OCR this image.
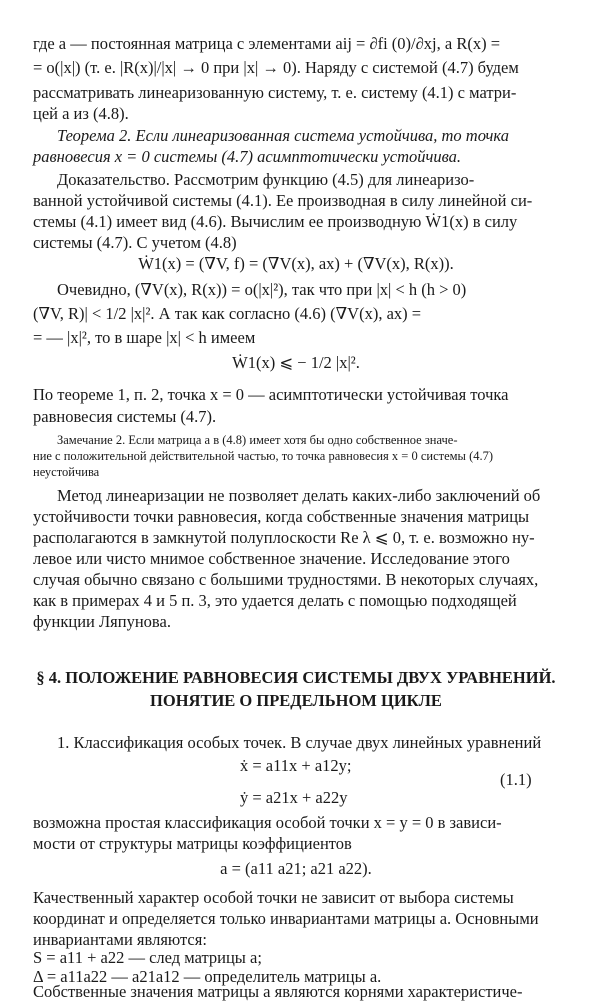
где a — постоянная матрица с элементами aij = ∂fi (0)/∂xj, a R(x) =
= o(|x|) (т. е. |R(x)|/|x| → 0 при |x| → 0). Наряду с системой (4.7) будем
рассматривать линеаризованную систему, т. е. систему (4.1) с матри-
цей a из (4.8).
Теорема 2. Если линеаризованная система устойчива, то точка
равновесия x = 0 системы (4.7) асимптотически устойчива.
Доказательство. Рассмотрим функцию (4.5) для линеаризо-
ванной устойчивой системы (4.1). Ее производная в силу линейной си-
стемы (4.1) имеет вид (4.6). Вычислим ее производную Ẇ1(x) в силу
системы (4.7). С учетом (4.8)
Ẇ1(x) = (∇V, f) = (∇V(x), ax) + (∇V(x), R(x)).
Очевидно, (∇V(x), R(x)) = o(|x|²), так что при |x| < h (h > 0)
(∇V, R)| < 1/2 |x|². А так как согласно (4.6) (∇V(x), ax) =
= — |x|², то в шаре |x| < h имеем
Ẇ1(x) ⩽ − 1/2 |x|².
По теореме 1, п. 2, точка x = 0 — асимптотически устойчивая точка
равновесия системы (4.7).
Замечание 2. Если матрица a в (4.8) имеет хотя бы одно собственное значе-
ние с положительной действительной частью, то точка равновесия x = 0 системы (4.7)
неустойчива
Метод линеаризации не позволяет делать каких-либо заключений об
устойчивости точки равновесия, когда собственные значения матрицы
располагаются в замкнутой полуплоскости Re λ ⩽ 0, т. е. возможно ну-
левое или чисто мнимое собственное значение. Исследование этого
случая обычно связано с большими трудностями. В некоторых случаях,
как в примерах 4 и 5 п. 3, это удается делать с помощью подходящей
функции Ляпунова.
§ 4. ПОЛОЖЕНИЕ РАВНОВЕСИЯ СИСТЕМЫ ДВУХ УРАВНЕНИЙ.
ПОНЯТИЕ О ПРЕДЕЛЬНОМ ЦИКЛЕ
1. Классификация особых точек. В случае двух линейных уравнений
ẋ = a11x + a12y;
(1.1)
ẏ = a21x + a22y
возможна простая классификация особой точки x = y = 0 в зависи-
мости от структуры матрицы коэффициентов
a = (a11 a21; a21 a22).
Качественный характер особой точки не зависит от выбора системы
координат и определяется только инвариантами матрицы a. Основными
инвариантами являются:
S = a11 + a22 — след матрицы a;
Δ = a11a22 — a21a12 — определитель матрицы a.
Собственные значения матрицы a являются корнями характеристиче-
